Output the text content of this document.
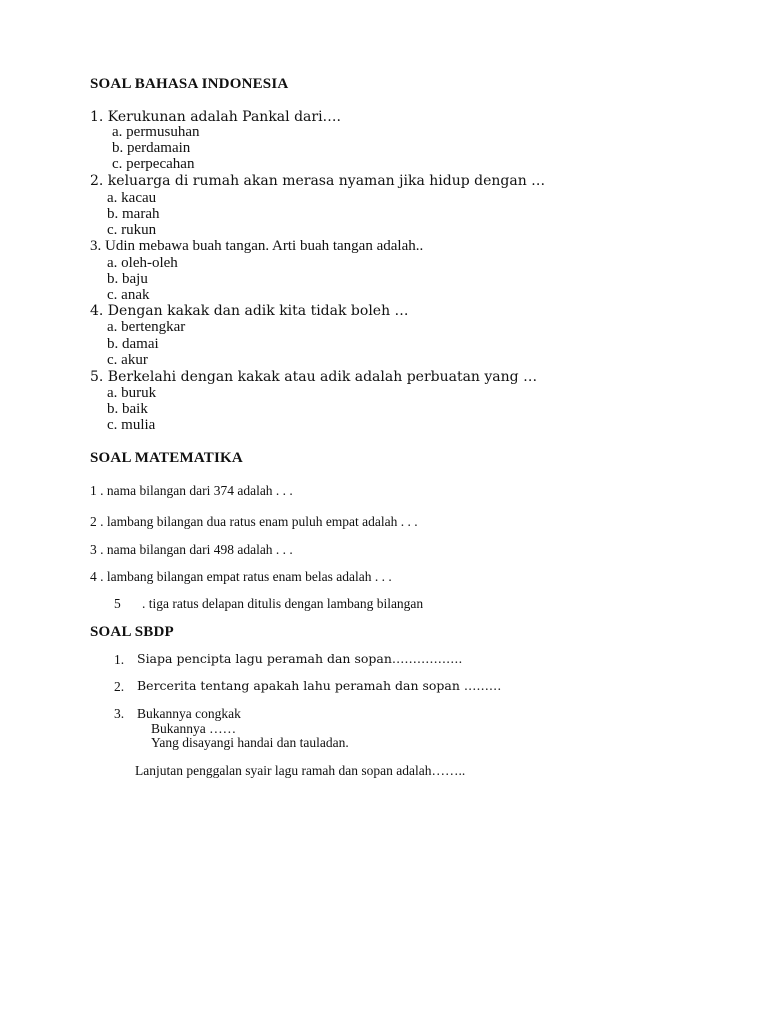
SOAL BAHASA INDONESIA
1. Kerukunan adalah Pankal dari….
a. permusuhan
b. perdamain
c. perpecahan
2. keluarga di rumah akan merasa nyaman jika hidup dengan …
a. kacau
b. marah
c. rukun
3. Udin mebawa buah tangan. Arti buah tangan adalah..
a. oleh-oleh
b. baju
c. anak
4. Dengan kakak dan adik kita tidak boleh …
a. bertengkar
b. damai
c. akur
5. Berkelahi dengan kakak atau adik adalah perbuatan yang …
a. buruk
b. baik
c. mulia
SOAL MATEMATIKA
1 . nama bilangan dari 374 adalah . . .
2 . lambang bilangan dua ratus enam puluh empat adalah . . .
3 . nama bilangan dari 498 adalah . . .
4 . lambang bilangan empat ratus enam belas adalah . . .
5 . tiga ratus delapan ditulis dengan lambang bilangan
SOAL SBDP
1. Siapa pencipta lagu peramah dan sopan……………..
2. Bercerita tentang apakah lahu peramah dan sopan ………
3. Bukannya congkak
Bukannya ……
Yang disayangi handai dan tauladan.
Lanjutan penggalan syair lagu ramah dan sopan adalah……..
